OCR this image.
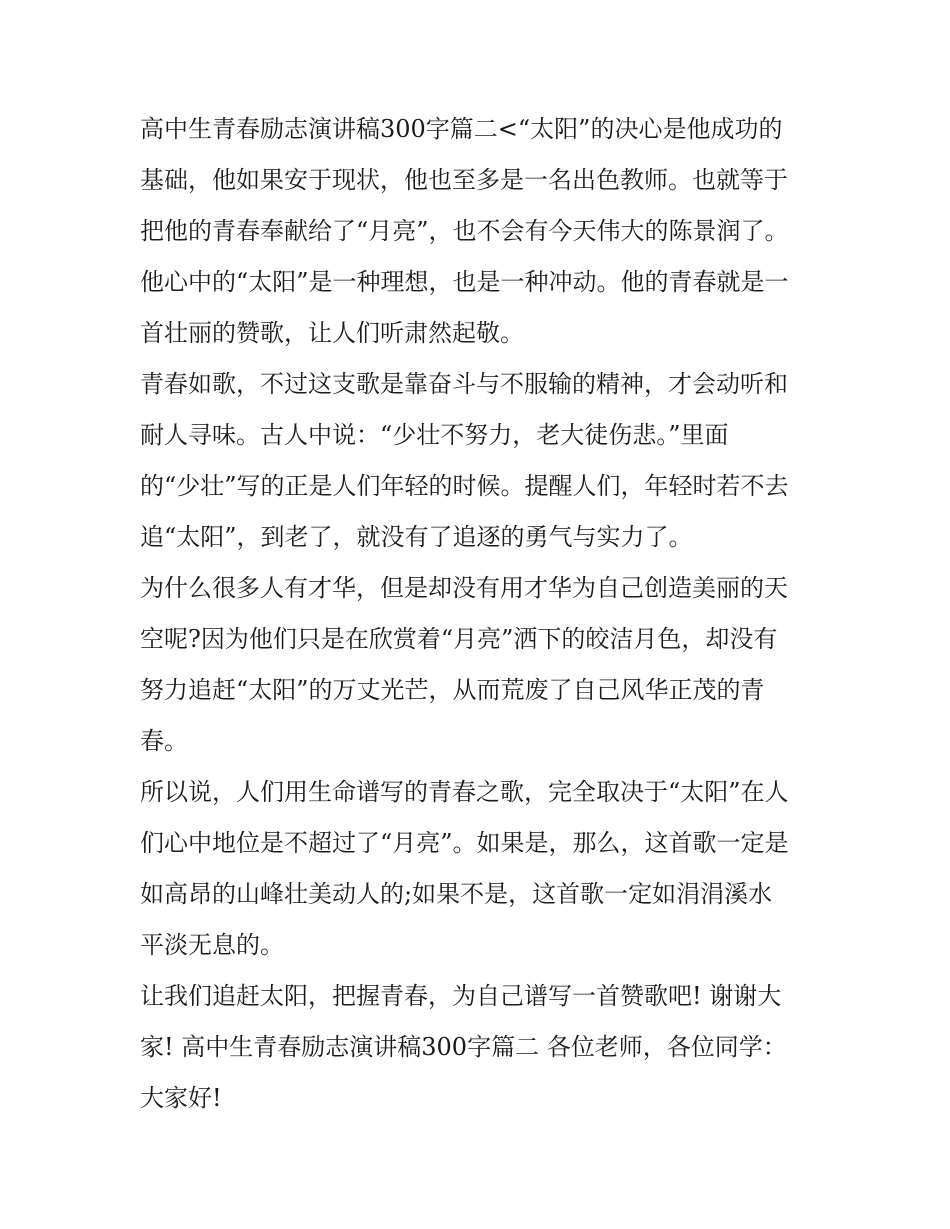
高中生青春励志演讲稿300字篇二<“太阳”的决心是他成功的
基础，他如果安于现状，他也至多是一名出色教师。也就等于
把他的青春奉献给了“月亮”，也不会有今天伟大的陈景润了。
他心中的“太阳”是一种理想，也是一种冲动。他的青春就是一
首壮丽的赞歌，让人们听肃然起敬。
青春如歌，不过这支歌是靠奋斗与不服输的精神，才会动听和
耐人寻味。古人中说：“少壮不努力，老大徒伤悲。”里面
的“少壮”写的正是人们年轻的时候。提醒人们，年轻时若不去
追“太阳”，到老了，就没有了追逐的勇气与实力了。
为什么很多人有才华，但是却没有用才华为自己创造美丽的天
空呢?因为他们只是在欣赏着“月亮”洒下的皎洁月色，却没有
努力追赶“太阳”的万丈光芒，从而荒废了自己风华正茂的青
春。
所以说，人们用生命谱写的青春之歌，完全取决于“太阳”在人
们心中地位是不超过了“月亮”。如果是，那么，这首歌一定是
如高昂的山峰壮美动人的;如果不是，这首歌一定如涓涓溪水
平淡无息的。
让我们追赶太阳，把握青春，为自己谱写一首赞歌吧! 谢谢大
家! 高中生青春励志演讲稿300字篇二 各位老师，各位同学：
大家好!
